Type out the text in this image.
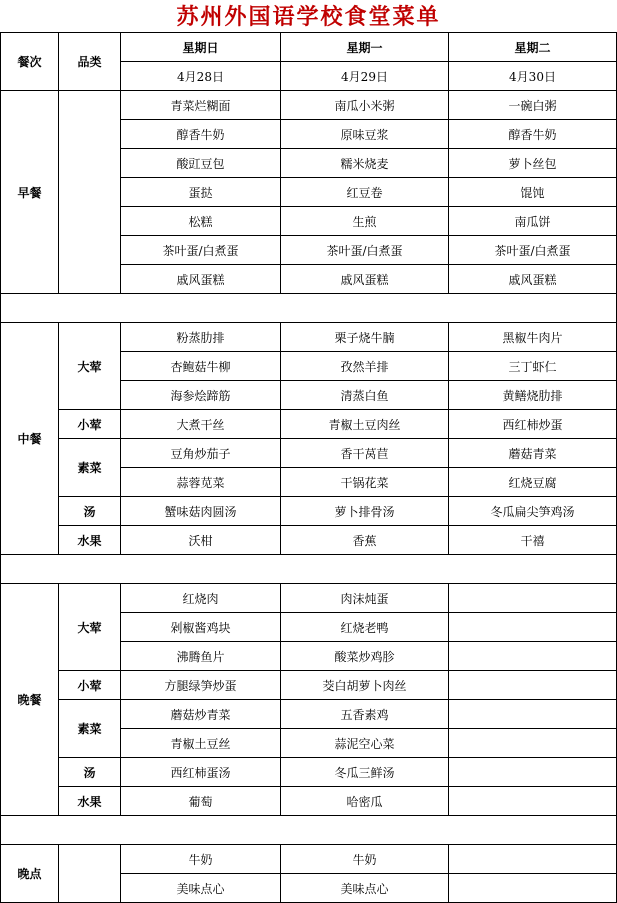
苏州外国语学校食堂菜单
餐次	品类	星期日	星期一	星期二
		4月28日	4月29日	4月30日
早餐		青菜烂糊面	南瓜小米粥	一碗白粥
		醇香牛奶	原味豆浆	醇香牛奶
		酸豇豆包	糯米烧麦	萝卜丝包
		蛋挞	红豆卷	馄饨
		松糕	生煎	南瓜饼
		茶叶蛋/白煮蛋	茶叶蛋/白煮蛋	茶叶蛋/白煮蛋
		戚风蛋糕	戚风蛋糕	戚风蛋糕

中餐	大荤	粉蒸肋排	栗子烧牛腩	黑椒牛肉片
		杏鲍菇牛柳	孜然羊排	三丁虾仁
		海参烩蹄筋	清蒸白鱼	黄鳝烧肋排
	小荤	大煮干丝	青椒土豆肉丝	西红柿炒蛋
	素菜	豆角炒茄子	香干莴苣	蘑菇青菜
		蒜蓉苋菜	干锅花菜	红烧豆腐
	汤	蟹味菇肉圆汤	萝卜排骨汤	冬瓜扁尖笋鸡汤
	水果	沃柑	香蕉	干禧

晚餐	大荤	红烧肉	肉沫炖蛋	
		剁椒酱鸡块	红烧老鸭	
		沸腾鱼片	酸菜炒鸡胗	
	小荤	方腿绿笋炒蛋	茭白胡萝卜肉丝	
	素菜	蘑菇炒青菜	五香素鸡	
		青椒土豆丝	蒜泥空心菜	
	汤	西红柿蛋汤	冬瓜三鲜汤	
	水果	葡萄	哈密瓜	

晚点		牛奶	牛奶	
		美味点心	美味点心	
